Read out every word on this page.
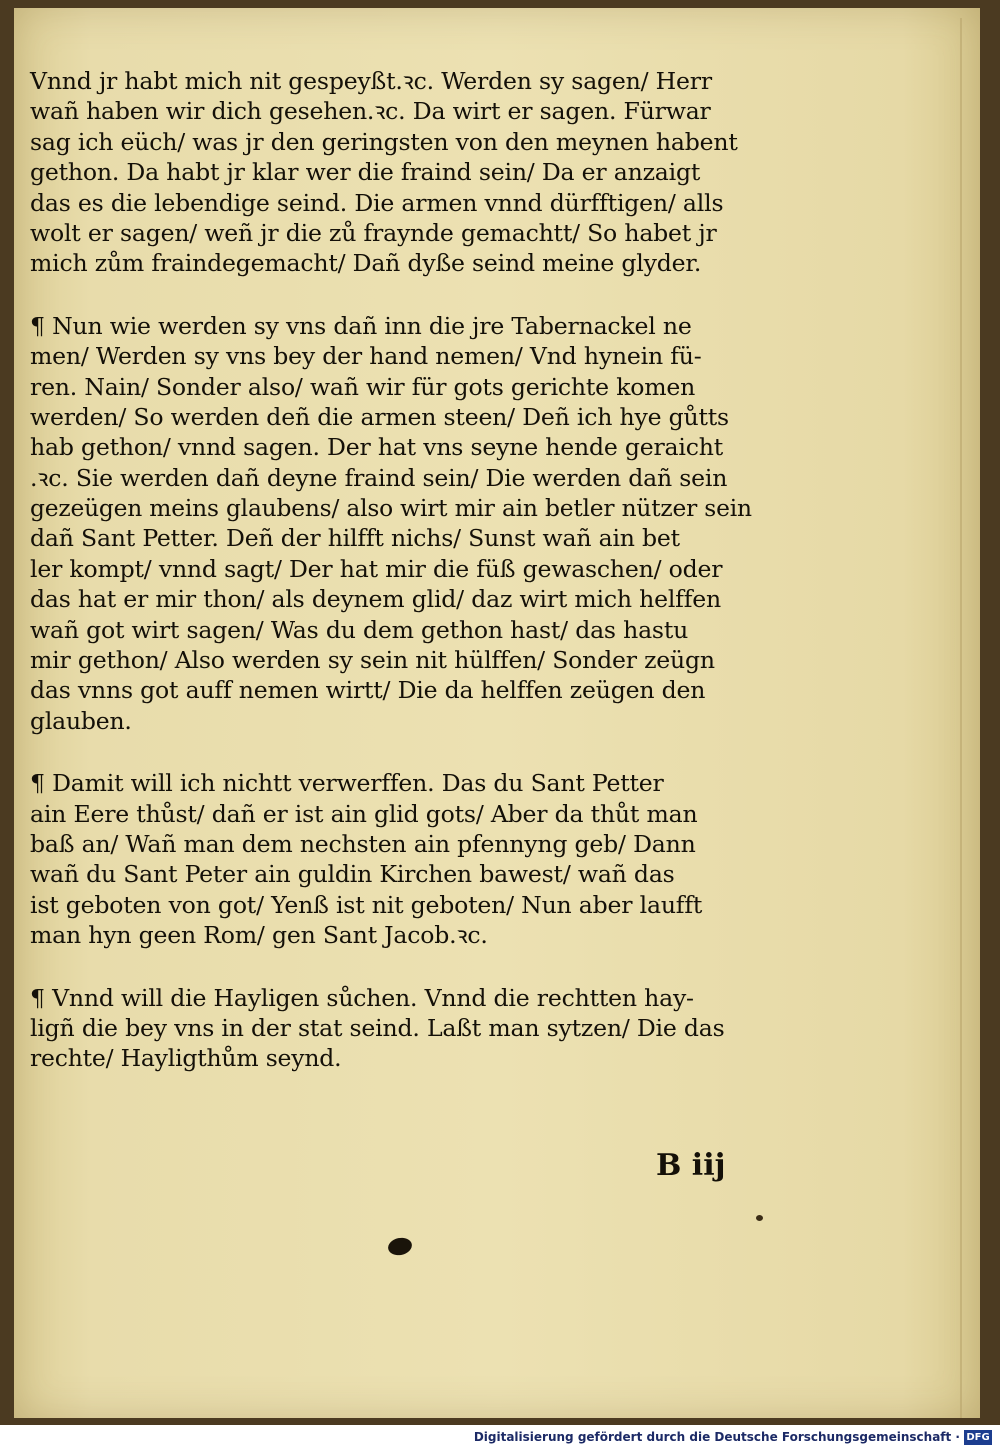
Vnnd jr habt mich nit gespeyßt.ꝛc. Werden sy sagen/ Herr
wañ haben wir dich gesehen.ꝛc. Da wirt er sagen. Fürwar
sag ich eüch/ was jr den geringsten von den meynen habent
gethon. Da habt jr klar wer die fraind sein/ Da er anzaigt
das es die lebendige seind. Die armen vnnd dürfftigen/ alls
wolt er sagen/ weñ jr die zů fraynde gemachtt/ So habet jr
mich zům fraindegemacht/ Dañ dyße seind meine glyder.
¶ Nun wie werden sy vns dañ inn die jre Tabernackel ne
men/ Werden sy vns bey der hand nemen/ Vnd hynein fü-
ren. Nain/ Sonder also/ wañ wir für gots gerichte komen
werden/ So werden deñ die armen steen/ Deñ ich hye gůtts
hab gethon/ vnnd sagen. Der hat vns seyne hende geraicht
.ꝛc. Sie werden dañ deyne fraind sein/ Die werden dañ sein
gezeügen meins glaubens/ also wirt mir ain betler nützer sein
dañ Sant Petter. Deñ der hilfft nichs/ Sunst wañ ain bet
ler kompt/ vnnd sagt/ Der hat mir die füß gewaschen/ oder
das hat er mir thon/ als deynem glid/ daz wirt mich helffen
wañ got wirt sagen/ Was du dem gethon hast/ das hastu
mir gethon/ Also werden sy sein nit hülffen/ Sonder zeügn
das vnns got auff nemen wirtt/ Die da helffen zeügen den
glauben.
¶ Damit will ich nichtt verwerffen. Das du Sant Petter
ain Eere thůst/ dañ er ist ain glid gots/ Aber da thůt man
baß an/ Wañ man dem nechsten ain pfennyng geb/ Dann
wañ du Sant Peter ain guldin Kirchen bawest/ wañ das
ist geboten von got/ Yenß ist nit geboten/ Nun aber laufft
man hyn geen Rom/ gen Sant Jacob.ꝛc.
¶ Vnnd will die Hayligen sůchen. Vnnd die rechtten hay-
ligñ die bey vns in der stat seind. Laßt man sytzen/ Die das
rechte/ Hayligthům seynd.
B iij
Digitalisierung gefördert durch die Deutsche Forschungsgemeinschaft · DFG
